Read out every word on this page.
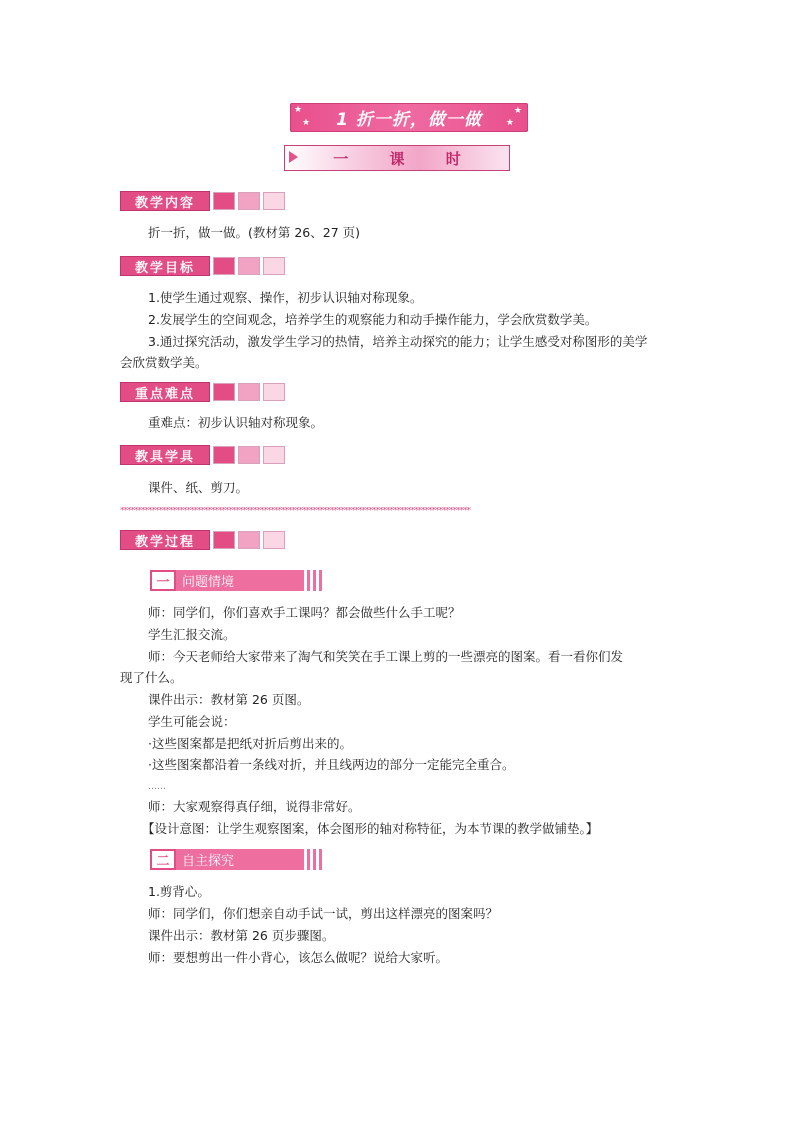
★
★
★
★
1 折一折，做一做
一 课 时
教学内容
折一折，做一做。(教材第 26、27 页)
教学目标
1.使学生通过观察、操作，初步认识轴对称现象。
2.发展学生的空间观念，培养学生的观察能力和动手操作能力，学会欣赏数学美。
3.通过探究活动，激发学生学习的热情，培养主动探究的能力；让学生感受对称图形的美学
会欣赏数学美。
重点难点
重难点：初步认识轴对称现象。
教具学具
课件、纸、剪刀。
****************************************************************************************************
教学过程
一 问题情境
师：同学们，你们喜欢手工课吗？都会做些什么手工呢？
学生汇报交流。
师：今天老师给大家带来了淘气和笑笑在手工课上剪的一些漂亮的图案。看一看你们发
现了什么。
课件出示：教材第 26 页图。
学生可能会说：
·这些图案都是把纸对折后剪出来的。
·这些图案都沿着一条线对折，并且线两边的部分一定能完全重合。
……
师：大家观察得真仔细，说得非常好。
【设计意图：让学生观察图案，体会图形的轴对称特征，为本节课的教学做铺垫。】
二 自主探究
1.剪背心。
师：同学们，你们想亲自动手试一试，剪出这样漂亮的图案吗？
课件出示：教材第 26 页步骤图。
师：要想剪出一件小背心，该怎么做呢？说给大家听。
